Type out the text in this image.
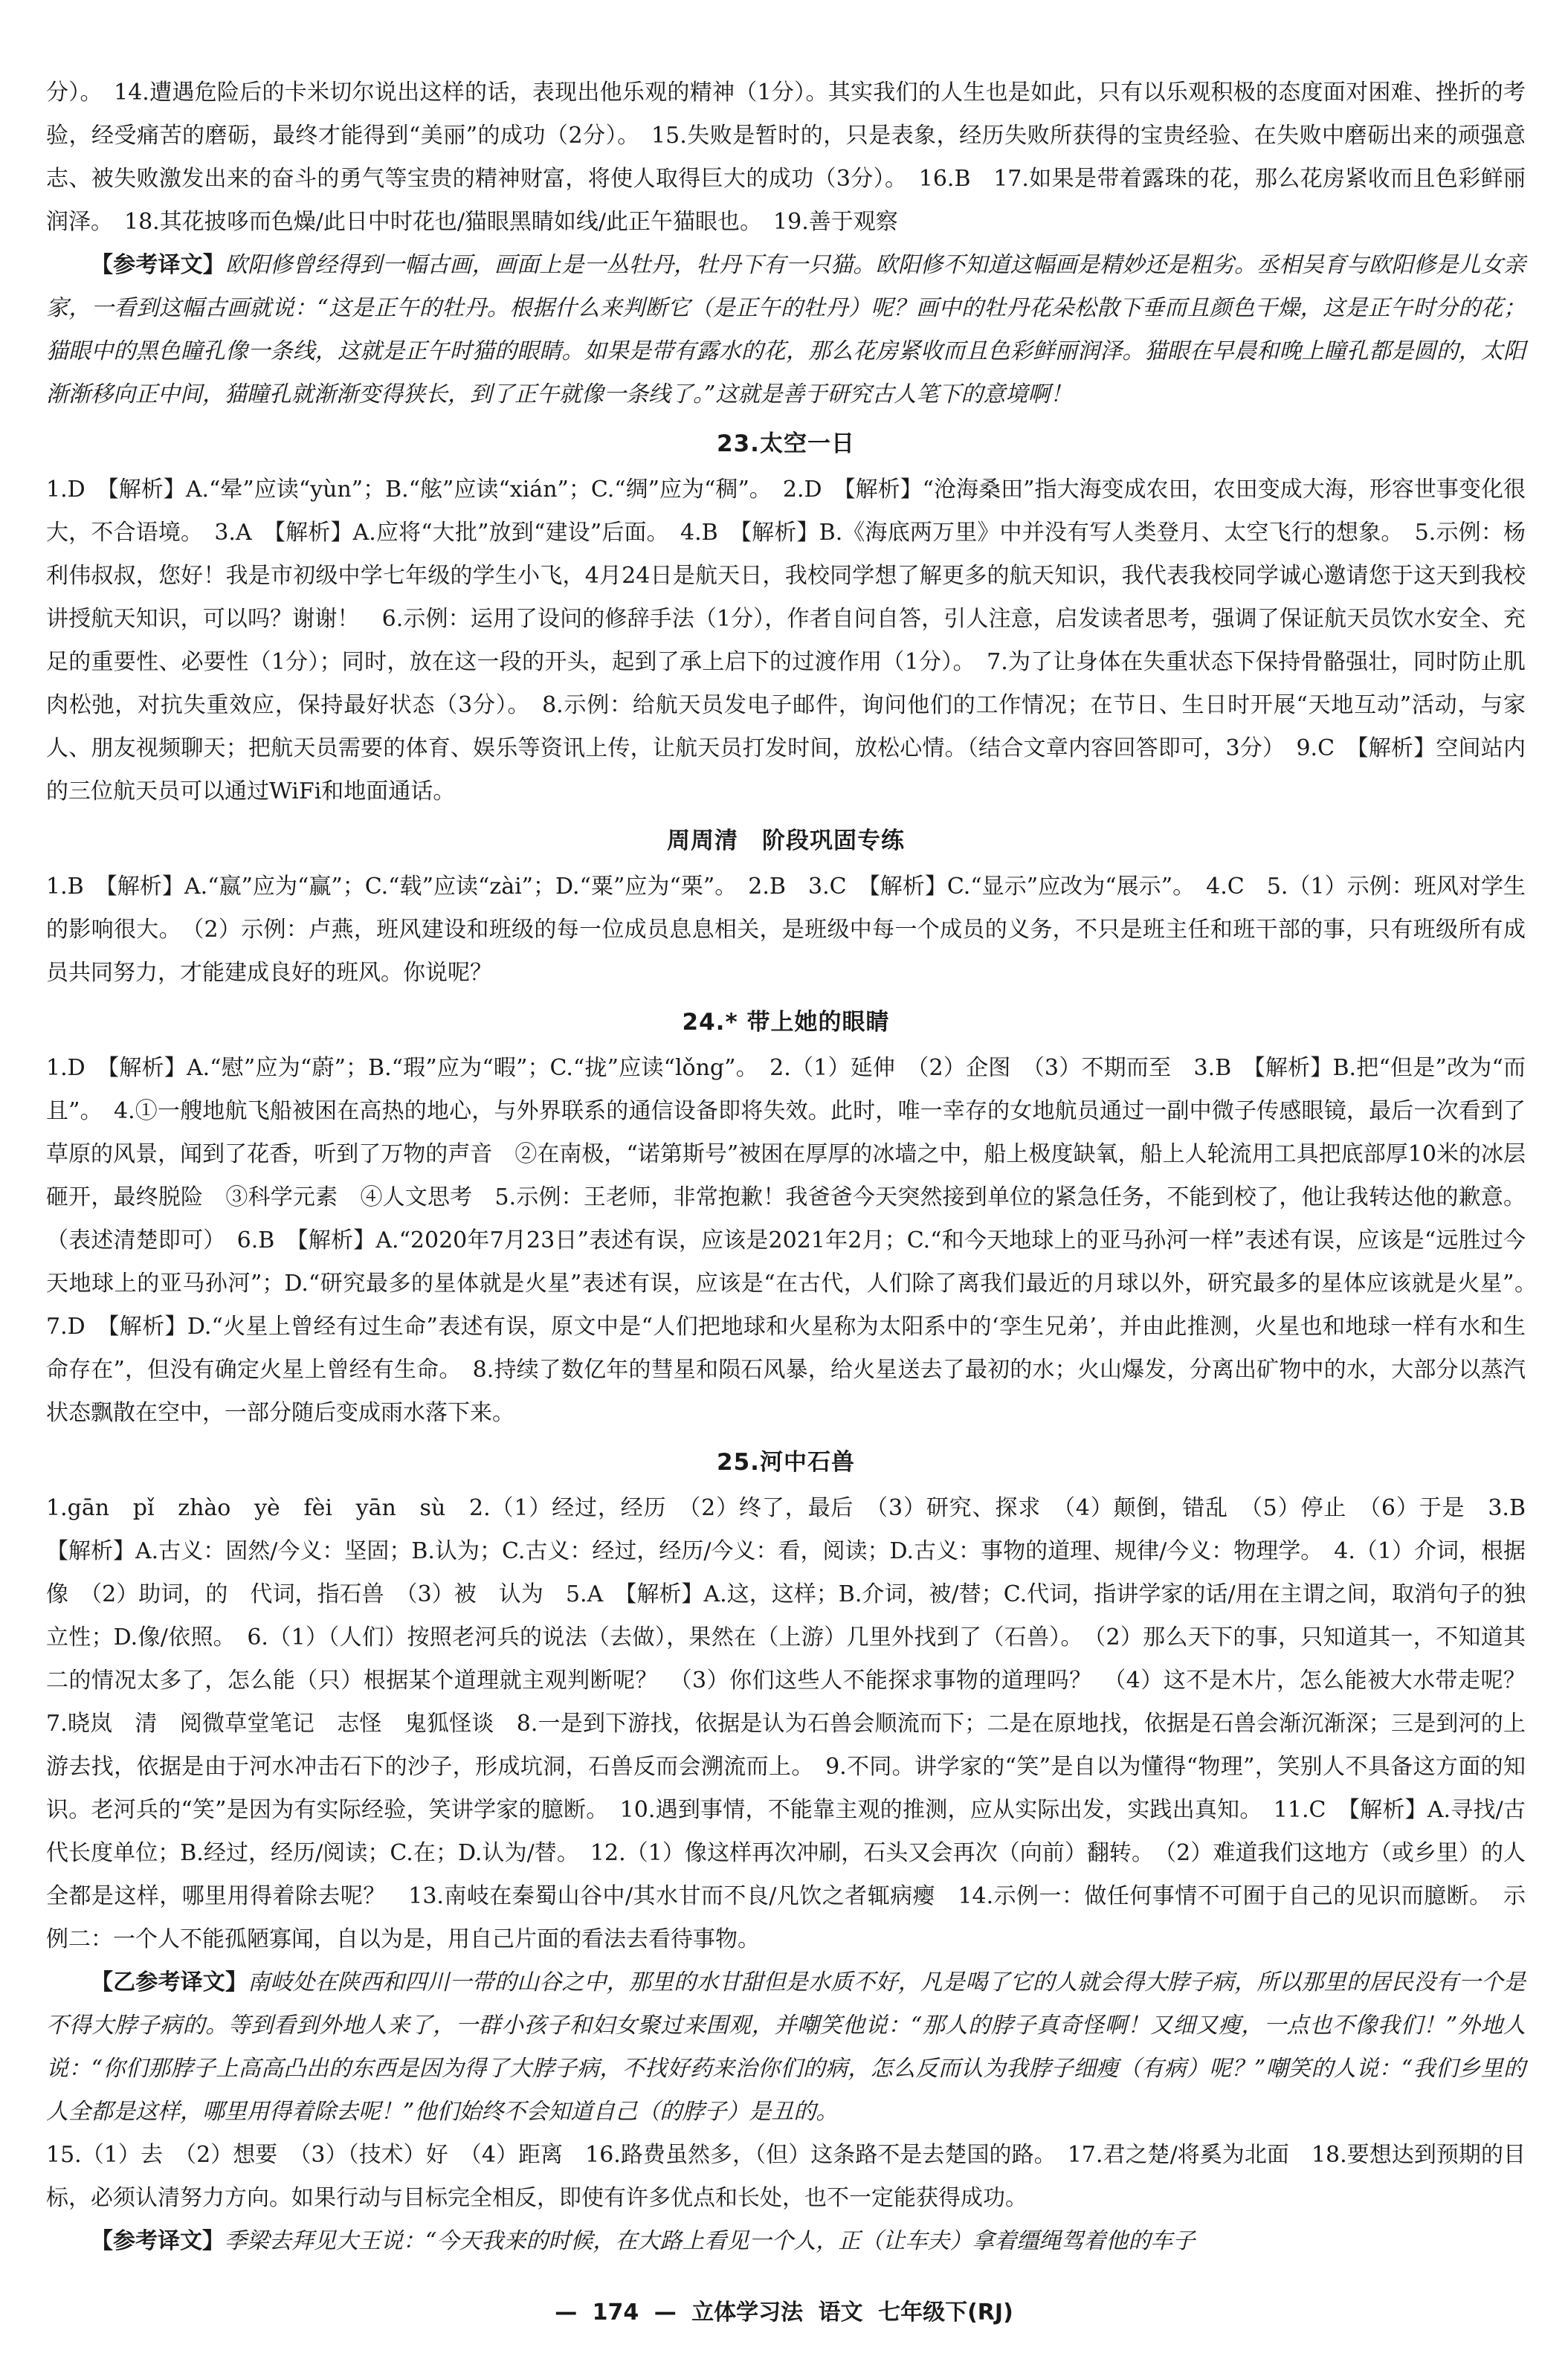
分）。　14.遭遇危险后的卡米切尔说出这样的话，表现出他乐观的精神（1分）。其实我们的人生也是如此，只有以乐观积极的态度面对困难、挫折的考验，经受痛苦的磨砺，最终才能得到“美丽”的成功（2分）。　15.失败是暂时的，只是表象，经历失败所获得的宝贵经验、在失败中磨砺出来的顽强意志、被失败激发出来的奋斗的勇气等宝贵的精神财富，将使人取得巨大的成功（3分）。　16.B　17.如果是带着露珠的花，那么花房紧收而且色彩鲜丽润泽。　18.其花披哆而色燥/此日中时花也/猫眼黑睛如线/此正午猫眼也。　19.善于观察

【参考译文】欧阳修曾经得到一幅古画，画面上是一丛牡丹，牡丹下有一只猫。欧阳修不知道这幅画是精妙还是粗劣。丞相吴育与欧阳修是儿女亲家，一看到这幅古画就说：“这是正午的牡丹。根据什么来判断它（是正午的牡丹）呢？画中的牡丹花朵松散下垂而且颜色干燥，这是正午时分的花；猫眼中的黑色瞳孔像一条线，这就是正午时猫的眼睛。如果是带有露水的花，那么花房紧收而且色彩鲜丽润泽。猫眼在早晨和晚上瞳孔都是圆的，太阳渐渐移向正中间，猫瞳孔就渐渐变得狭长，到了正午就像一条线了。”这就是善于研究古人笔下的意境啊！

23.太空一日

1.D　【解析】A.“晕”应读“yùn”；B.“舷”应读“xián”；C.“绸”应为“稠”。　2.D　【解析】“沧海桑田”指大海变成农田，农田变成大海，形容世事变化很大，不合语境。　3.A　【解析】A.应将“大批”放到“建设”后面。　4.B　【解析】B.《海底两万里》中并没有写人类登月、太空飞行的想象。　5.示例：杨利伟叔叔，您好！我是市初级中学七年级的学生小飞，4月24日是航天日，我校同学想了解更多的航天知识，我代表我校同学诚心邀请您于这天到我校讲授航天知识，可以吗？谢谢！　6.示例：运用了设问的修辞手法（1分），作者自问自答，引人注意，启发读者思考，强调了保证航天员饮水安全、充足的重要性、必要性（1分）；同时，放在这一段的开头，起到了承上启下的过渡作用（1分）。　7.为了让身体在失重状态下保持骨骼强壮，同时防止肌肉松弛，对抗失重效应，保持最好状态（3分）。　8.示例：给航天员发电子邮件，询问他们的工作情况；在节日、生日时开展“天地互动”活动，与家人、朋友视频聊天；把航天员需要的体育、娱乐等资讯上传，让航天员打发时间，放松心情。（结合文章内容回答即可，3分）　9.C　【解析】空间站内的三位航天员可以通过WiFi和地面通话。

周周清　阶段巩固专练

1.B　【解析】A.“嬴”应为“赢”；C.“载”应读“zài”；D.“粟”应为“栗”。　2.B　3.C　【解析】C.“显示”应改为“展示”。　4.C　5.（1）示例：班风对学生的影响很大。　（2）示例：卢燕，班风建设和班级的每一位成员息息相关，是班级中每一个成员的义务，不只是班主任和班干部的事，只有班级所有成员共同努力，才能建成良好的班风。你说呢？

24.* 带上她的眼睛

1.D　【解析】A.“慰”应为“蔚”；B.“瑕”应为“暇”；C.“拢”应读“lǒng”。　2.（1）延伸　（2）企图　（3）不期而至　3.B　【解析】B.把“但是”改为“而且”。　4.①一艘地航飞船被困在高热的地心，与外界联系的通信设备即将失效。此时，唯一幸存的女地航员通过一副中微子传感眼镜，最后一次看到了草原的风景，闻到了花香，听到了万物的声音　②在南极，“诺第斯号”被困在厚厚的冰墙之中，船上极度缺氧，船上人轮流用工具把底部厚10米的冰层砸开，最终脱险　③科学元素　④人文思考　5.示例：王老师，非常抱歉！我爸爸今天突然接到单位的紧急任务，不能到校了，他让我转达他的歉意。（表述清楚即可）　6.B　【解析】A.“2020年7月23日”表述有误，应该是2021年2月；C.“和今天地球上的亚马孙河一样”表述有误，应该是“远胜过今天地球上的亚马孙河”；D.“研究最多的星体就是火星”表述有误，应该是“在古代，人们除了离我们最近的月球以外，研究最多的星体应该就是火星”。　7.D　【解析】D.“火星上曾经有过生命”表述有误，原文中是“人们把地球和火星称为太阳系中的‘孪生兄弟’，并由此推测，火星也和地球一样有水和生命存在”，但没有确定火星上曾经有生命。　8.持续了数亿年的彗星和陨石风暴，给火星送去了最初的水；火山爆发，分离出矿物中的水，大部分以蒸汽状态飘散在空中，一部分随后变成雨水落下来。

25.河中石兽

1.gān　pǐ　zhào　yè　fèi　yān　sù　2.（1）经过，经历　（2）终了，最后　（3）研究、探求　（4）颠倒，错乱　（5）停止　（6）于是　3.B　【解析】A.古义：固然/今义：坚固；B.认为；C.古义：经过，经历/今义：看，阅读；D.古义：事物的道理、规律/今义：物理学。　4.（1）介词，根据　像　（2）助词，的　代词，指石兽　（3）被　认为　5.A　【解析】A.这，这样；B.介词，被/替；C.代词，指讲学家的话/用在主谓之间，取消句子的独立性；D.像/依照。　6.（1）（人们）按照老河兵的说法（去做），果然在（上游）几里外找到了（石兽）。　（2）那么天下的事，只知道其一，不知道其二的情况太多了，怎么能（只）根据某个道理就主观判断呢？　（3）你们这些人不能探求事物的道理吗？　（4）这不是木片，怎么能被大水带走呢？　7.晓岚　清　阅微草堂笔记　志怪　鬼狐怪谈　8.一是到下游找，依据是认为石兽会顺流而下；二是在原地找，依据是石兽会渐沉渐深；三是到河的上游去找，依据是由于河水冲击石下的沙子，形成坑洞，石兽反而会溯流而上。　9.不同。讲学家的“笑”是自以为懂得“物理”，笑别人不具备这方面的知识。老河兵的“笑”是因为有实际经验，笑讲学家的臆断。　10.遇到事情，不能靠主观的推测，应从实际出发，实践出真知。　11.C　【解析】A.寻找/古代长度单位；B.经过，经历/阅读；C.在；D.认为/替。　12.（1）像这样再次冲刷，石头又会再次（向前）翻转。　（2）难道我们这地方（或乡里）的人全都是这样，哪里用得着除去呢？　13.南岐在秦蜀山谷中/其水甘而不良/凡饮之者辄病瘿　14.示例一：做任何事情不可囿于自己的见识而臆断。　示例二：一个人不能孤陋寡闻，自以为是，用自己片面的看法去看待事物。

【乙参考译文】南岐处在陕西和四川一带的山谷之中，那里的水甘甜但是水质不好，凡是喝了它的人就会得大脖子病，所以那里的居民没有一个是不得大脖子病的。等到看到外地人来了，一群小孩子和妇女聚过来围观，并嘲笑他说：“那人的脖子真奇怪啊！又细又瘦，一点也不像我们！”外地人说：“你们那脖子上高高凸出的东西是因为得了大脖子病，不找好药来治你们的病，怎么反而认为我脖子细瘦（有病）呢？”嘲笑的人说：“我们乡里的人全都是这样，哪里用得着除去呢！”他们始终不会知道自己（的脖子）是丑的。

15.（1）去　（2）想要　（3）（技术）好　（4）距离　16.路费虽然多，（但）这条路不是去楚国的路。　17.君之楚/将奚为北面　18.要想达到预期的目标，必须认清努力方向。如果行动与目标完全相反，即使有许多优点和长处，也不一定能获得成功。

【参考译文】季梁去拜见大王说：“今天我来的时候，在大路上看见一个人，正（让车夫）拿着缰绳驾着他的车子

— 174 — 立体学习法 语文 七年级下(RJ)
